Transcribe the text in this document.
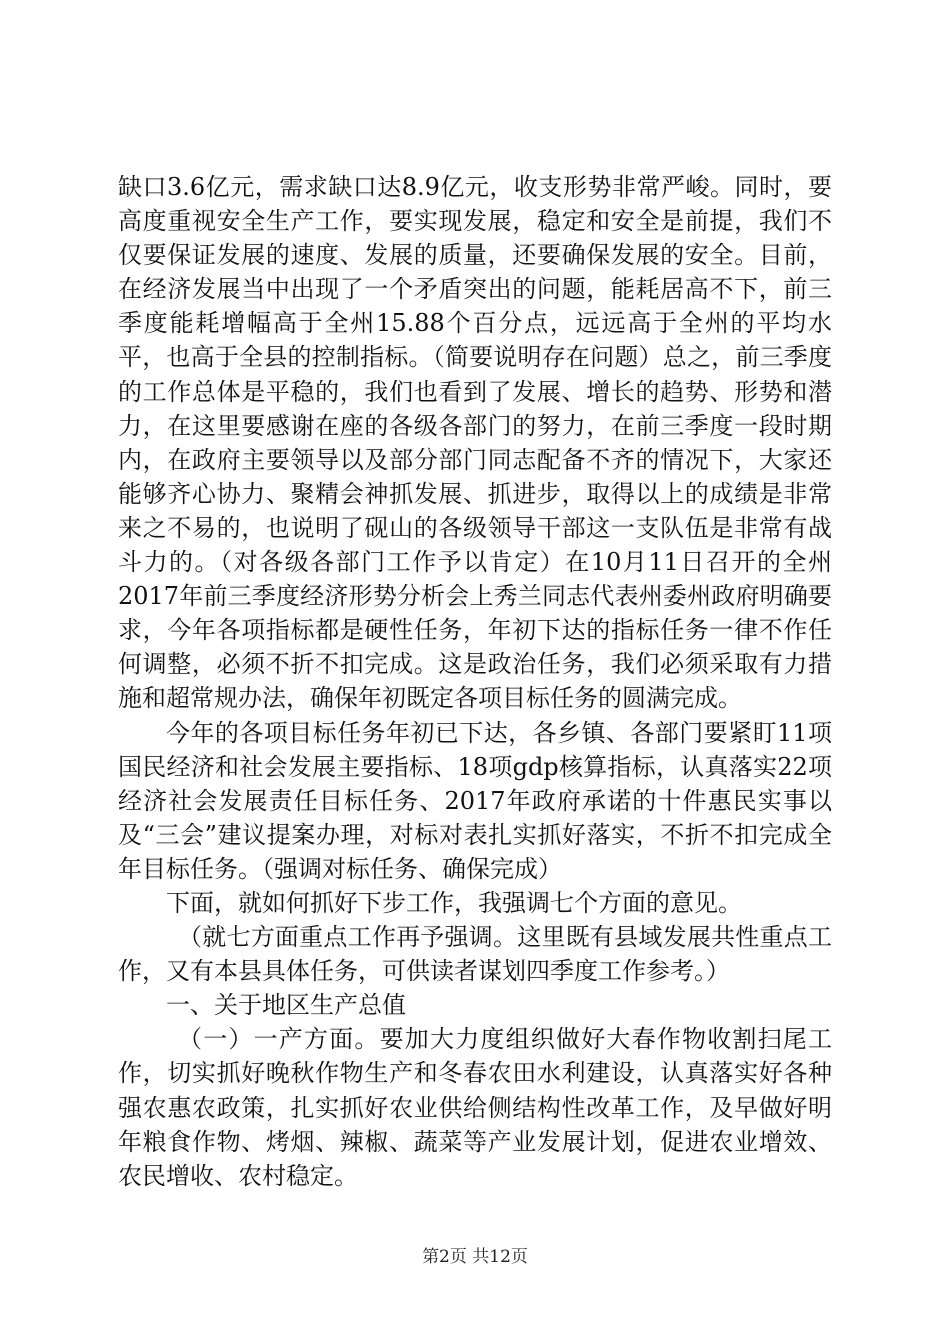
缺口3.6亿元，需求缺口达8.9亿元，收支形势非常严峻。同时，要高度重视安全生产工作，要实现发展，稳定和安全是前提，我们不仅要保证发展的速度、发展的质量，还要确保发展的安全。目前，在经济发展当中出现了一个矛盾突出的问题，能耗居高不下，前三季度能耗增幅高于全州15.88个百分点，远远高于全州的平均水平，也高于全县的控制指标。（简要说明存在问题）总之，前三季度的工作总体是平稳的，我们也看到了发展、增长的趋势、形势和潜力，在这里要感谢在座的各级各部门的努力，在前三季度一段时期内，在政府主要领导以及部分部门同志配备不齐的情况下，大家还能够齐心协力、聚精会神抓发展、抓进步，取得以上的成绩是非常来之不易的，也说明了砚山的各级领导干部这一支队伍是非常有战斗力的。（对各级各部门工作予以肯定）在10月11日召开的全州2017年前三季度经济形势分析会上秀兰同志代表州委州政府明确要求，今年各项指标都是硬性任务，年初下达的指标任务一律不作任何调整，必须不折不扣完成。这是政治任务，我们必须采取有力措施和超常规办法，确保年初既定各项目标任务的圆满完成。

今年的各项目标任务年初已下达，各乡镇、各部门要紧盯11项国民经济和社会发展主要指标、18项gdp核算指标，认真落实22项经济社会发展责任目标任务、2017年政府承诺的十件惠民实事以及“三会”建议提案办理，对标对表扎实抓好落实，不折不扣完成全年目标任务。（强调对标任务、确保完成）

下面，就如何抓好下步工作，我强调七个方面的意见。

（就七方面重点工作再予强调。这里既有县域发展共性重点工作，又有本县具体任务，可供读者谋划四季度工作参考。）

一、关于地区生产总值

（一）一产方面。要加大力度组织做好大春作物收割扫尾工作，切实抓好晚秋作物生产和冬春农田水利建设，认真落实好各种强农惠农政策，扎实抓好农业供给侧结构性改革工作，及早做好明年粮食作物、烤烟、辣椒、蔬菜等产业发展计划，促进农业增效、农民增收、农村稳定。

第2页 共12页
